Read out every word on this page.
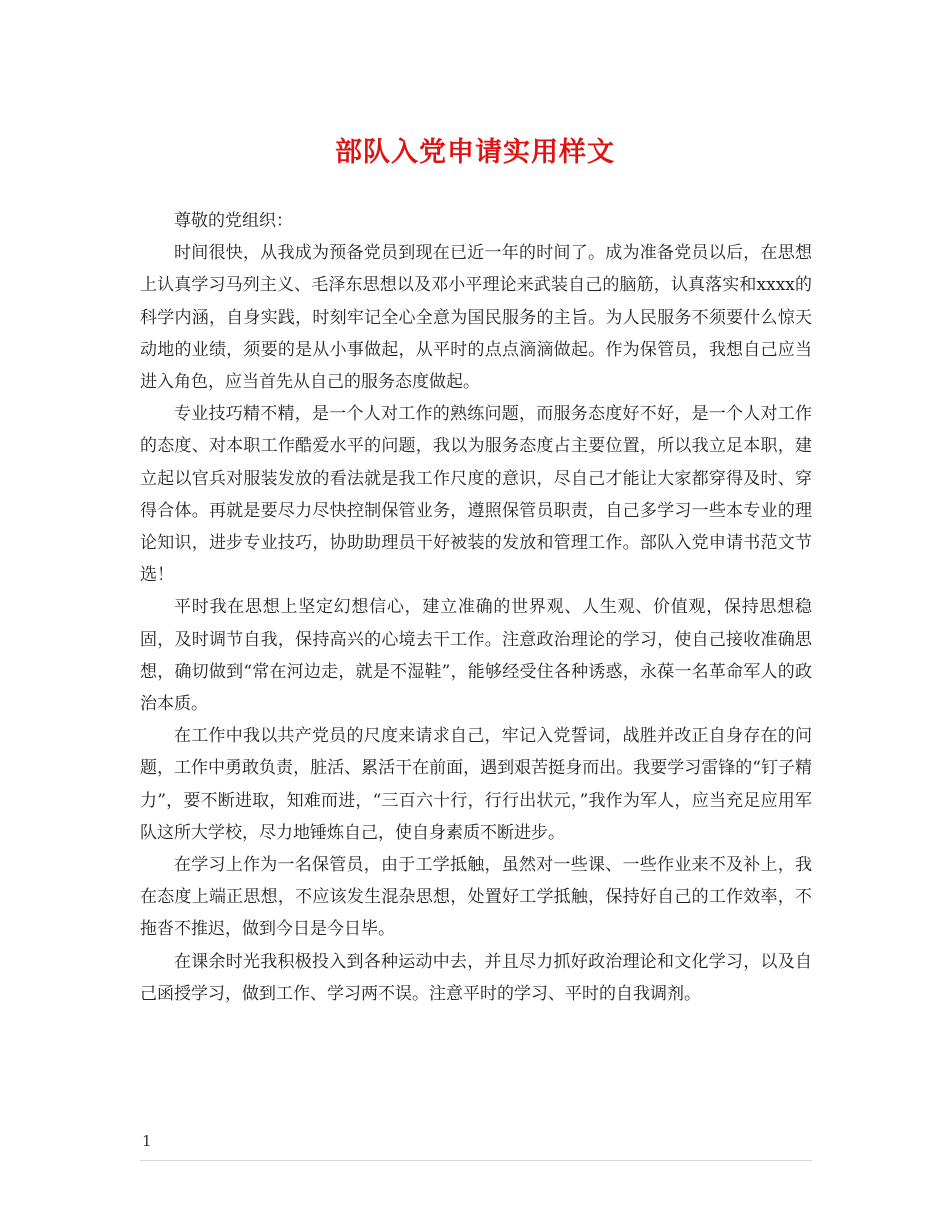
部队入党申请实用样文

尊敬的党组织：

时间很快，从我成为预备党员到现在已近一年的时间了。成为准备党员以后，在思想上认真学习马列主义、毛泽东思想以及邓小平理论来武装自己的脑筋，认真落实和xxxx的科学内涵，自身实践，时刻牢记全心全意为国民服务的主旨。为人民服务不须要什么惊天动地的业绩，须要的是从小事做起，从平时的点点滴滴做起。作为保管员，我想自己应当进入角色，应当首先从自己的服务态度做起。

专业技巧精不精，是一个人对工作的熟练问题，而服务态度好不好，是一个人对工作的态度、对本职工作酷爱水平的问题，我以为服务态度占主要位置，所以我立足本职，建立起以官兵对服装发放的看法就是我工作尺度的意识，尽自己才能让大家都穿得及时、穿得合体。再就是要尽力尽快控制保管业务，遵照保管员职责，自己多学习一些本专业的理论知识，进步专业技巧，协助助理员干好被装的发放和管理工作。部队入党申请书范文节选！

平时我在思想上坚定幻想信心，建立准确的世界观、人生观、价值观，保持思想稳固，及时调节自我，保持高兴的心境去干工作。注意政治理论的学习，使自己接收准确思想，确切做到“常在河边走，就是不湿鞋”，能够经受住各种诱惑，永葆一名革命军人的政治本质。

在工作中我以共产党员的尺度来请求自己，牢记入党誓词，战胜并改正自身存在的问题，工作中勇敢负责，脏活、累活干在前面，遇到艰苦挺身而出。我要学习雷锋的“钉子精力”，要不断进取，知难而进，“三百六十行，行行出状元，”我作为军人，应当充足应用军队这所大学校，尽力地锤炼自己，使自身素质不断进步。

在学习上作为一名保管员，由于工学抵触，虽然对一些课、一些作业来不及补上，我在态度上端正思想，不应该发生混杂思想，处置好工学抵触，保持好自己的工作效率，不拖沓不推迟，做到今日是今日毕。

在课余时光我积极投入到各种运动中去，并且尽力抓好政治理论和文化学习，以及自己函授学习，做到工作、学习两不误。注意平时的学习、平时的自我调剂。

1
